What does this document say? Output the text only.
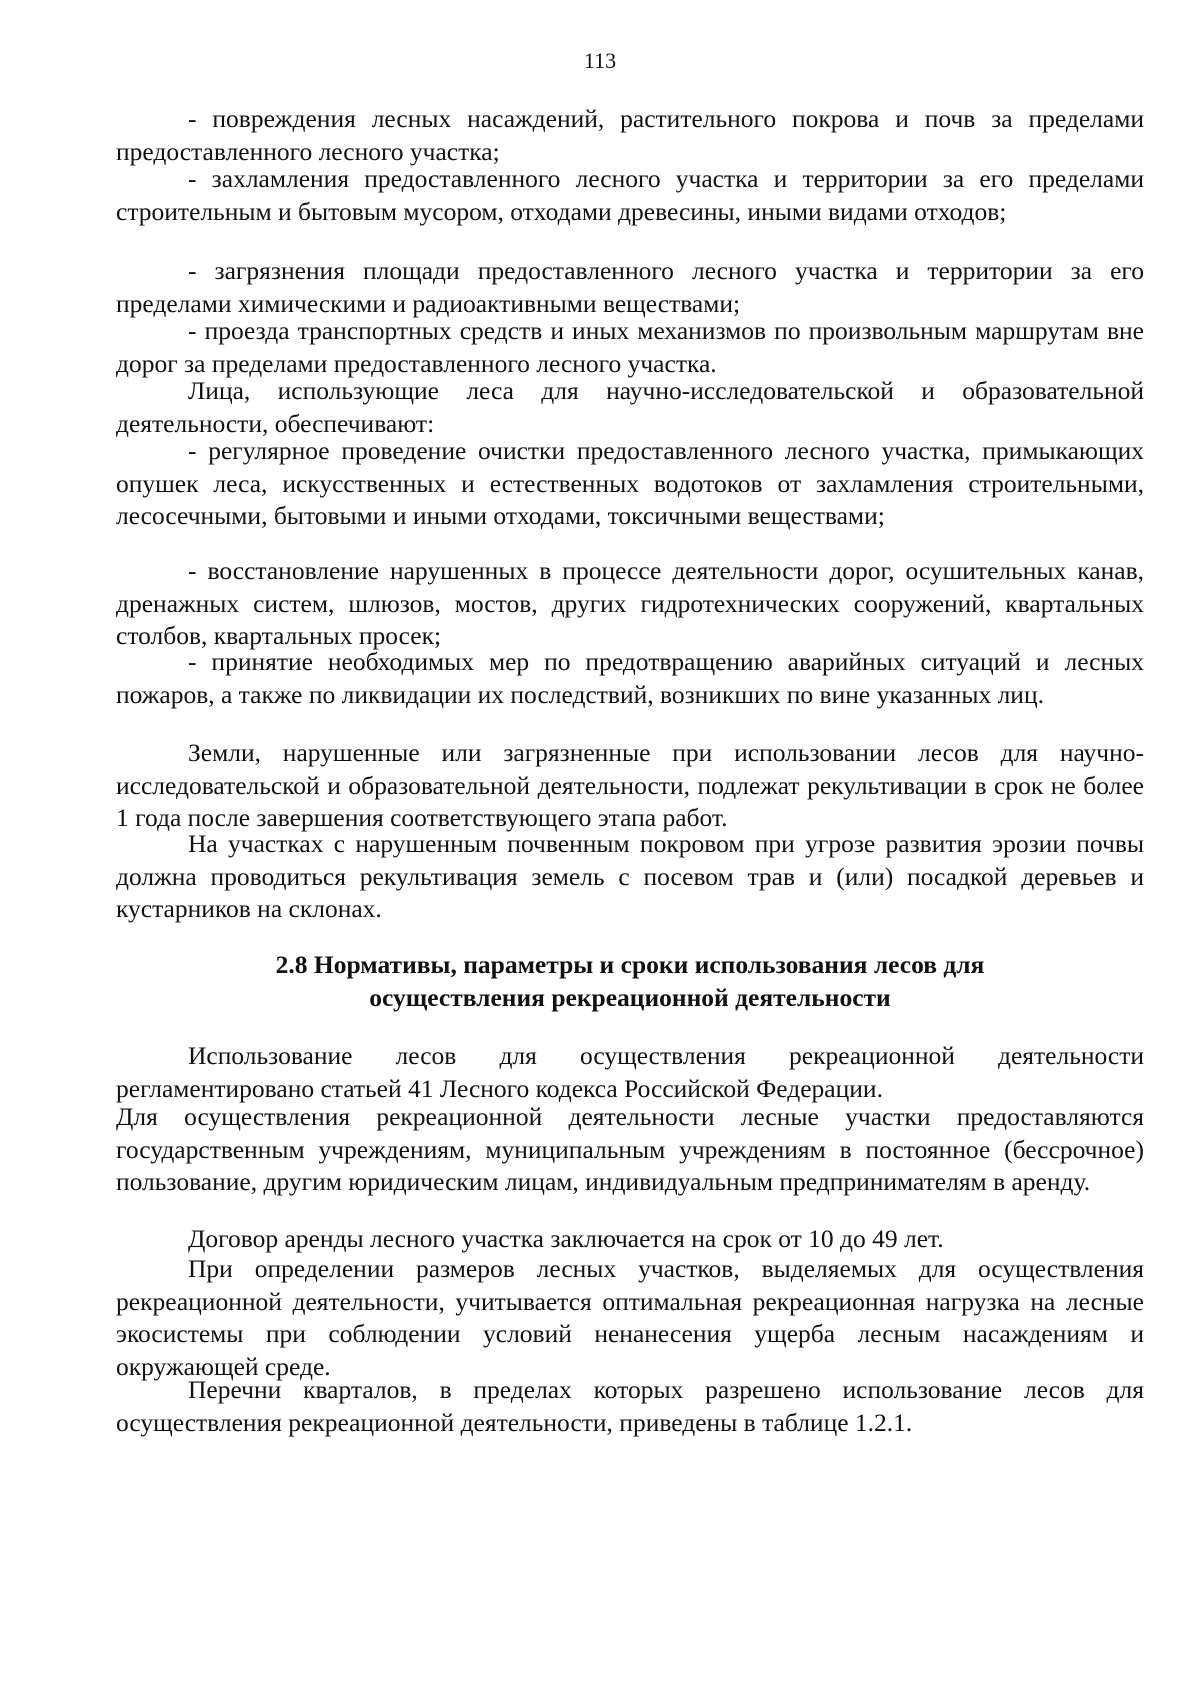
113

- повреждения лесных насаждений, растительного покрова и почв за пределами предоставленного лесного участка;

- захламления предоставленного лесного участка и территории за его пределами строительным и бытовым мусором, отходами древесины, иными видами отходов;

- загрязнения площади предоставленного лесного участка и территории за его пределами химическими и радиоактивными веществами;

- проезда транспортных средств и иных механизмов по произвольным маршрутам вне дорог за пределами предоставленного лесного участка.

Лица, использующие леса для научно-исследовательской и образовательной деятельности, обеспечивают:

- регулярное проведение очистки предоставленного лесного участка, примыкающих опушек леса, искусственных и естественных водотоков от захламления строительными, лесосечными, бытовыми и иными отходами, токсичными веществами;

- восстановление нарушенных в процессе деятельности дорог, осушительных канав, дренажных систем, шлюзов, мостов, других гидротехнических сооружений, квартальных столбов, квартальных просек;

- принятие необходимых мер по предотвращению аварийных ситуаций и лесных пожаров, а также по ликвидации их последствий, возникших по вине указанных лиц.

Земли, нарушенные или загрязненные при использовании лесов для научно-исследовательской и образовательной деятельности, подлежат рекультивации в срок не более 1 года после завершения соответствующего этапа работ.

На участках с нарушенным почвенным покровом при угрозе развития эрозии почвы должна проводиться рекультивация земель с посевом трав и (или) посадкой деревьев и кустарников на склонах.

2.8 Нормативы, параметры и сроки использования лесов для
осуществления рекреационной деятельности

Использование лесов для осуществления рекреационной деятельности регламентировано статьей 41 Лесного кодекса Российской Федерации.

Для осуществления рекреационной деятельности лесные участки предоставляются государственным учреждениям, муниципальным учреждениям в постоянное (бессрочное) пользование, другим юридическим лицам, индивидуальным предпринимателям в аренду.

Договор аренды лесного участка заключается на срок от 10 до 49 лет.

При определении размеров лесных участков, выделяемых для осуществления рекреационной деятельности, учитывается оптимальная рекреационная нагрузка на лесные экосистемы при соблюдении условий ненанесения ущерба лесным насаждениям и окружающей среде.

Перечни кварталов, в пределах которых разрешено использование лесов для осуществления рекреационной деятельности, приведены в таблице 1.2.1.
